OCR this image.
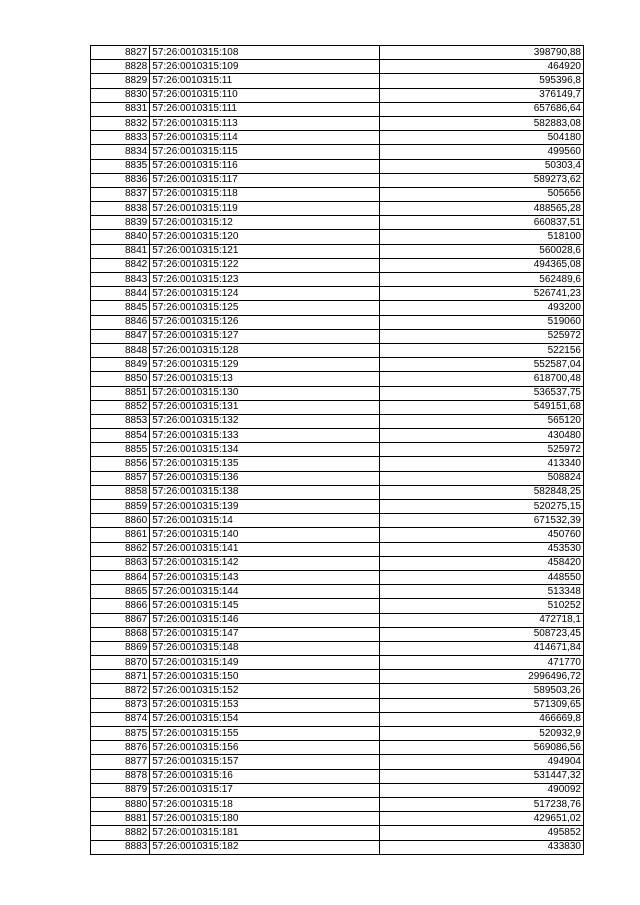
8827	57:26:0010315:108	398790,88
8828	57:26:0010315:109	464920
8829	57:26:0010315:11	595396,8
8830	57:26:0010315:110	376149,7
8831	57:26:0010315:111	657686,64
8832	57:26:0010315:113	582883,08
8833	57:26:0010315:114	504180
8834	57:26:0010315:115	499560
8835	57:26:0010315:116	50303,4
8836	57:26:0010315:117	589273,62
8837	57:26:0010315:118	505656
8838	57:26:0010315:119	488565,28
8839	57:26:0010315:12	660837,51
8840	57:26:0010315:120	518100
8841	57:26:0010315:121	560028,6
8842	57:26:0010315:122	494365,08
8843	57:26:0010315:123	562489,6
8844	57:26:0010315:124	526741,23
8845	57:26:0010315:125	493200
8846	57:26:0010315:126	519060
8847	57:26:0010315:127	525972
8848	57:26:0010315:128	522156
8849	57:26:0010315:129	552587,04
8850	57:26:0010315:13	618700,48
8851	57:26:0010315:130	536537,75
8852	57:26:0010315:131	549151,68
8853	57:26:0010315:132	565120
8854	57:26:0010315:133	430480
8855	57:26:0010315:134	525972
8856	57:26:0010315:135	413340
8857	57:26:0010315:136	508824
8858	57:26:0010315:138	582848,25
8859	57:26:0010315:139	520275,15
8860	57:26:0010315:14	671532,39
8861	57:26:0010315:140	450760
8862	57:26:0010315:141	453530
8863	57:26:0010315:142	458420
8864	57:26:0010315:143	448550
8865	57:26:0010315:144	513348
8866	57:26:0010315:145	510252
8867	57:26:0010315:146	472718,1
8868	57:26:0010315:147	508723,45
8869	57:26:0010315:148	414671,84
8870	57:26:0010315:149	471770
8871	57:26:0010315:150	2996496,72
8872	57:26:0010315:152	589503,26
8873	57:26:0010315:153	571309,65
8874	57:26:0010315:154	466669,8
8875	57:26:0010315:155	520932,9
8876	57:26:0010315:156	569086,56
8877	57:26:0010315:157	494904
8878	57:26:0010315:16	531447,32
8879	57:26:0010315:17	490092
8880	57:26:0010315:18	517238,76
8881	57:26:0010315:180	429651,02
8882	57:26:0010315:181	495852
8883	57:26:0010315:182	433830
